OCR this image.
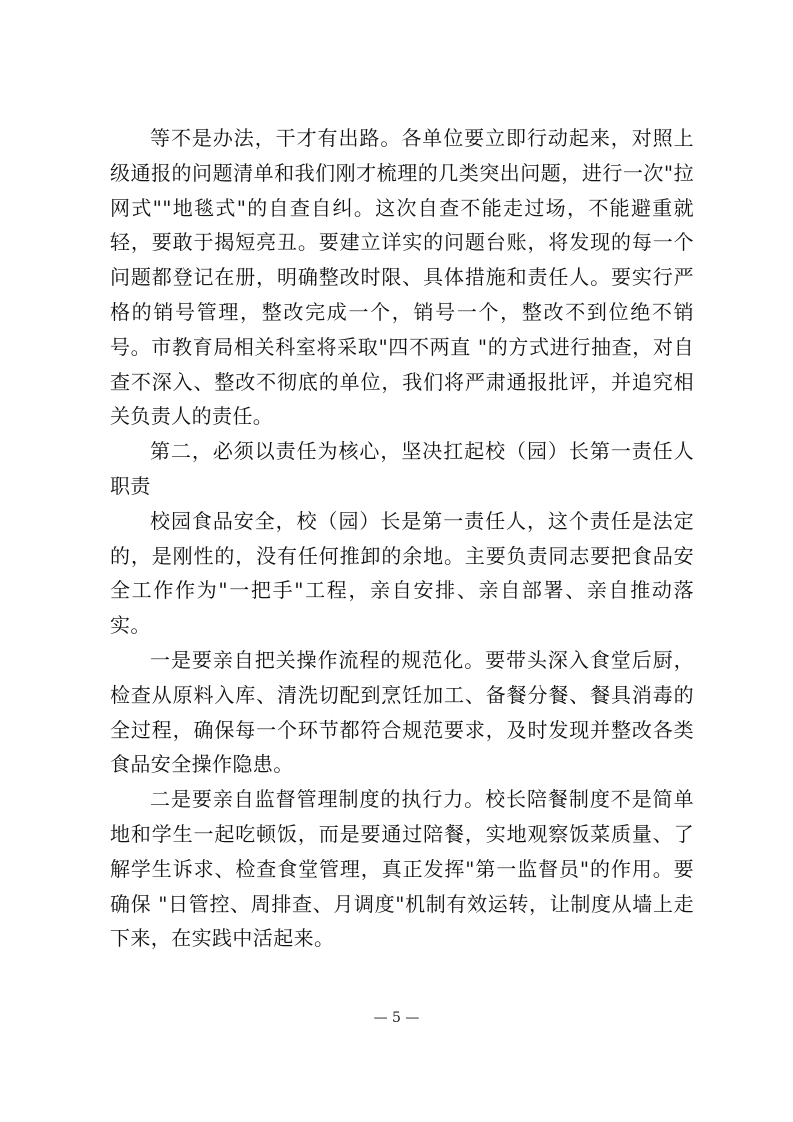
等不是办法，干才有出路。各单位要立即行动起来，对照上级通报的问题清单和我们刚才梳理的几类突出问题，进行一次"拉网式""地毯式"的自查自纠。这次自查不能走过场，不能避重就轻，要敢于揭短亮丑。要建立详实的问题台账，将发现的每一个问题都登记在册，明确整改时限、具体措施和责任人。要实行严格的销号管理，整改完成一个，销号一个，整改不到位绝不销号。市教育局相关科室将采取"四不两直 "的方式进行抽查，对自查不深入、整改不彻底的单位，我们将严肃通报批评，并追究相关负责人的责任。

第二，必须以责任为核心，坚决扛起校（园）长第一责任人职责

校园食品安全，校（园）长是第一责任人，这个责任是法定的，是刚性的，没有任何推卸的余地。主要负责同志要把食品安全工作作为"一把手"工程，亲自安排、亲自部署、亲自推动落实。

一是要亲自把关操作流程的规范化。要带头深入食堂后厨，检查从原料入库、清洗切配到烹饪加工、备餐分餐、餐具消毒的全过程，确保每一个环节都符合规范要求，及时发现并整改各类食品安全操作隐患。

二是要亲自监督管理制度的执行力。校长陪餐制度不是简单地和学生一起吃顿饭，而是要通过陪餐，实地观察饭菜质量、了解学生诉求、检查食堂管理，真正发挥"第一监督员"的作用。要确保 "日管控、周排查、月调度"机制有效运转，让制度从墙上走下来，在实践中活起来。

— 5 —
